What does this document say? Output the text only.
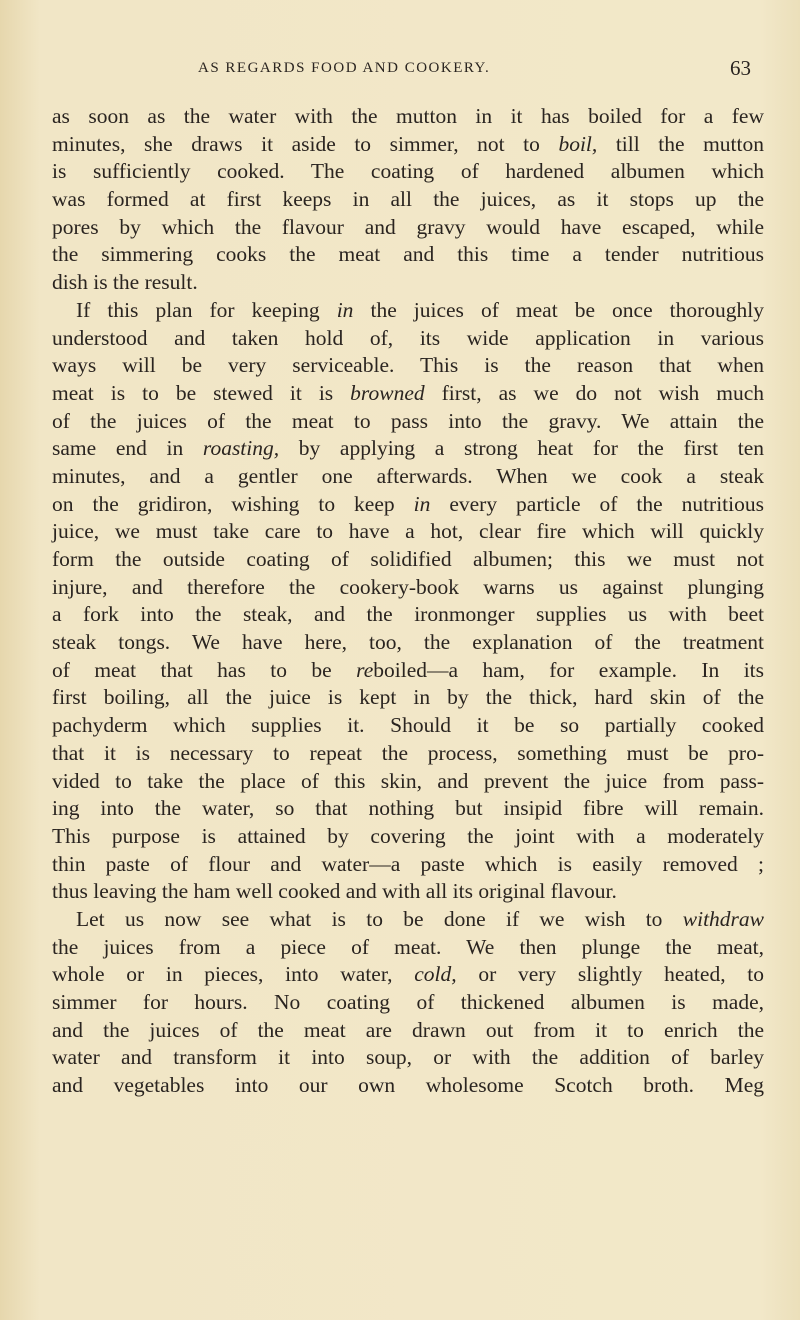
AS REGARDS FOOD AND COOKERY.	63
as soon as the water with the mutton in it has boiled for a few
minutes, she draws it aside to simmer, not to boil, till the mutton
is sufficiently cooked. The coating of hardened albumen which
was formed at first keeps in all the juices, as it stops up the
pores by which the flavour and gravy would have escaped, while
the simmering cooks the meat and this time a tender nutritious
dish is the result.
If this plan for keeping in the juices of meat be once thoroughly
understood and taken hold of, its wide application in various
ways will be very serviceable. This is the reason that when
meat is to be stewed it is browned first, as we do not wish much
of the juices of the meat to pass into the gravy. We attain the
same end in roasting, by applying a strong heat for the first ten
minutes, and a gentler one afterwards. When we cook a steak
on the gridiron, wishing to keep in every particle of the nutritious
juice, we must take care to have a hot, clear fire which will quickly
form the outside coating of solidified albumen; this we must not
injure, and therefore the cookery-book warns us against plunging
a fork into the steak, and the ironmonger supplies us with beet
steak tongs. We have here, too, the explanation of the treatment
of meat that has to be reboiled—a ham, for example. In its
first boiling, all the juice is kept in by the thick, hard skin of the
pachyderm which supplies it. Should it be so partially cooked
that it is necessary to repeat the process, something must be pro-
vided to take the place of this skin, and prevent the juice from pass-
ing into the water, so that nothing but insipid fibre will remain.
This purpose is attained by covering the joint with a moderately
thin paste of flour and water—a paste which is easily removed ;
thus leaving the ham well cooked and with all its original flavour.
Let us now see what is to be done if we wish to withdraw
the juices from a piece of meat. We then plunge the meat,
whole or in pieces, into water, cold, or very slightly heated, to
simmer for hours. No coating of thickened albumen is made,
and the juices of the meat are drawn out from it to enrich the
water and transform it into soup, or with the addition of barley
and vegetables into our own wholesome Scotch broth. Meg
